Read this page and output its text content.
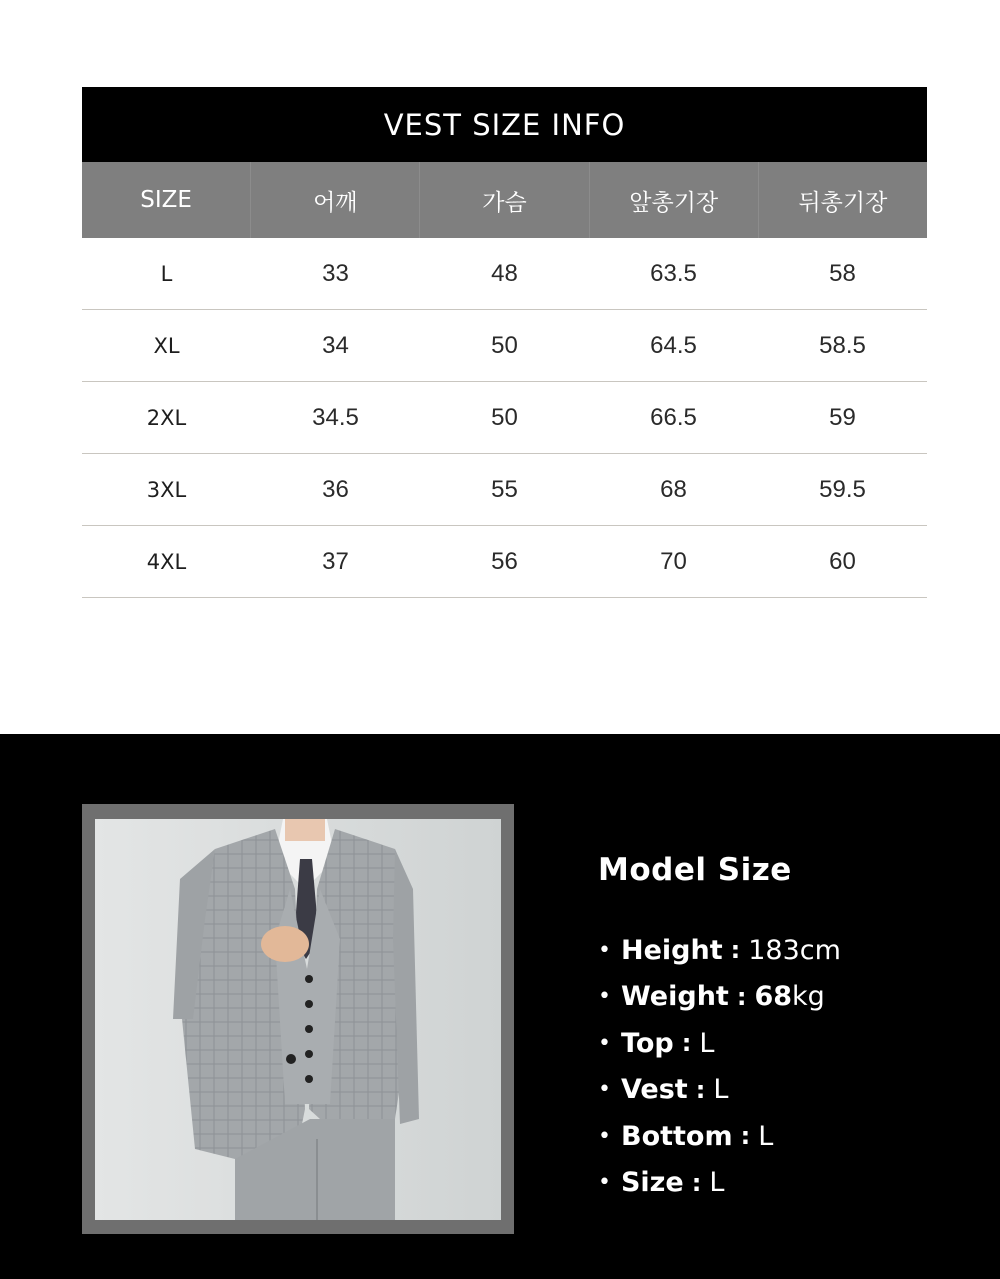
VEST SIZE INFO
SIZE	어깨	가슴	앞총기장	뒤총기장
L	33	48	63.5	58
XL	34	50	64.5	58.5
2XL	34.5	50	66.5	59
3XL	36	55	68	59.5
4XL	37	56	70	60
Model Size
• Height : 183cm
• Weight : 68kg
• Top : L
• Vest : L
• Bottom : L
• Size : L
